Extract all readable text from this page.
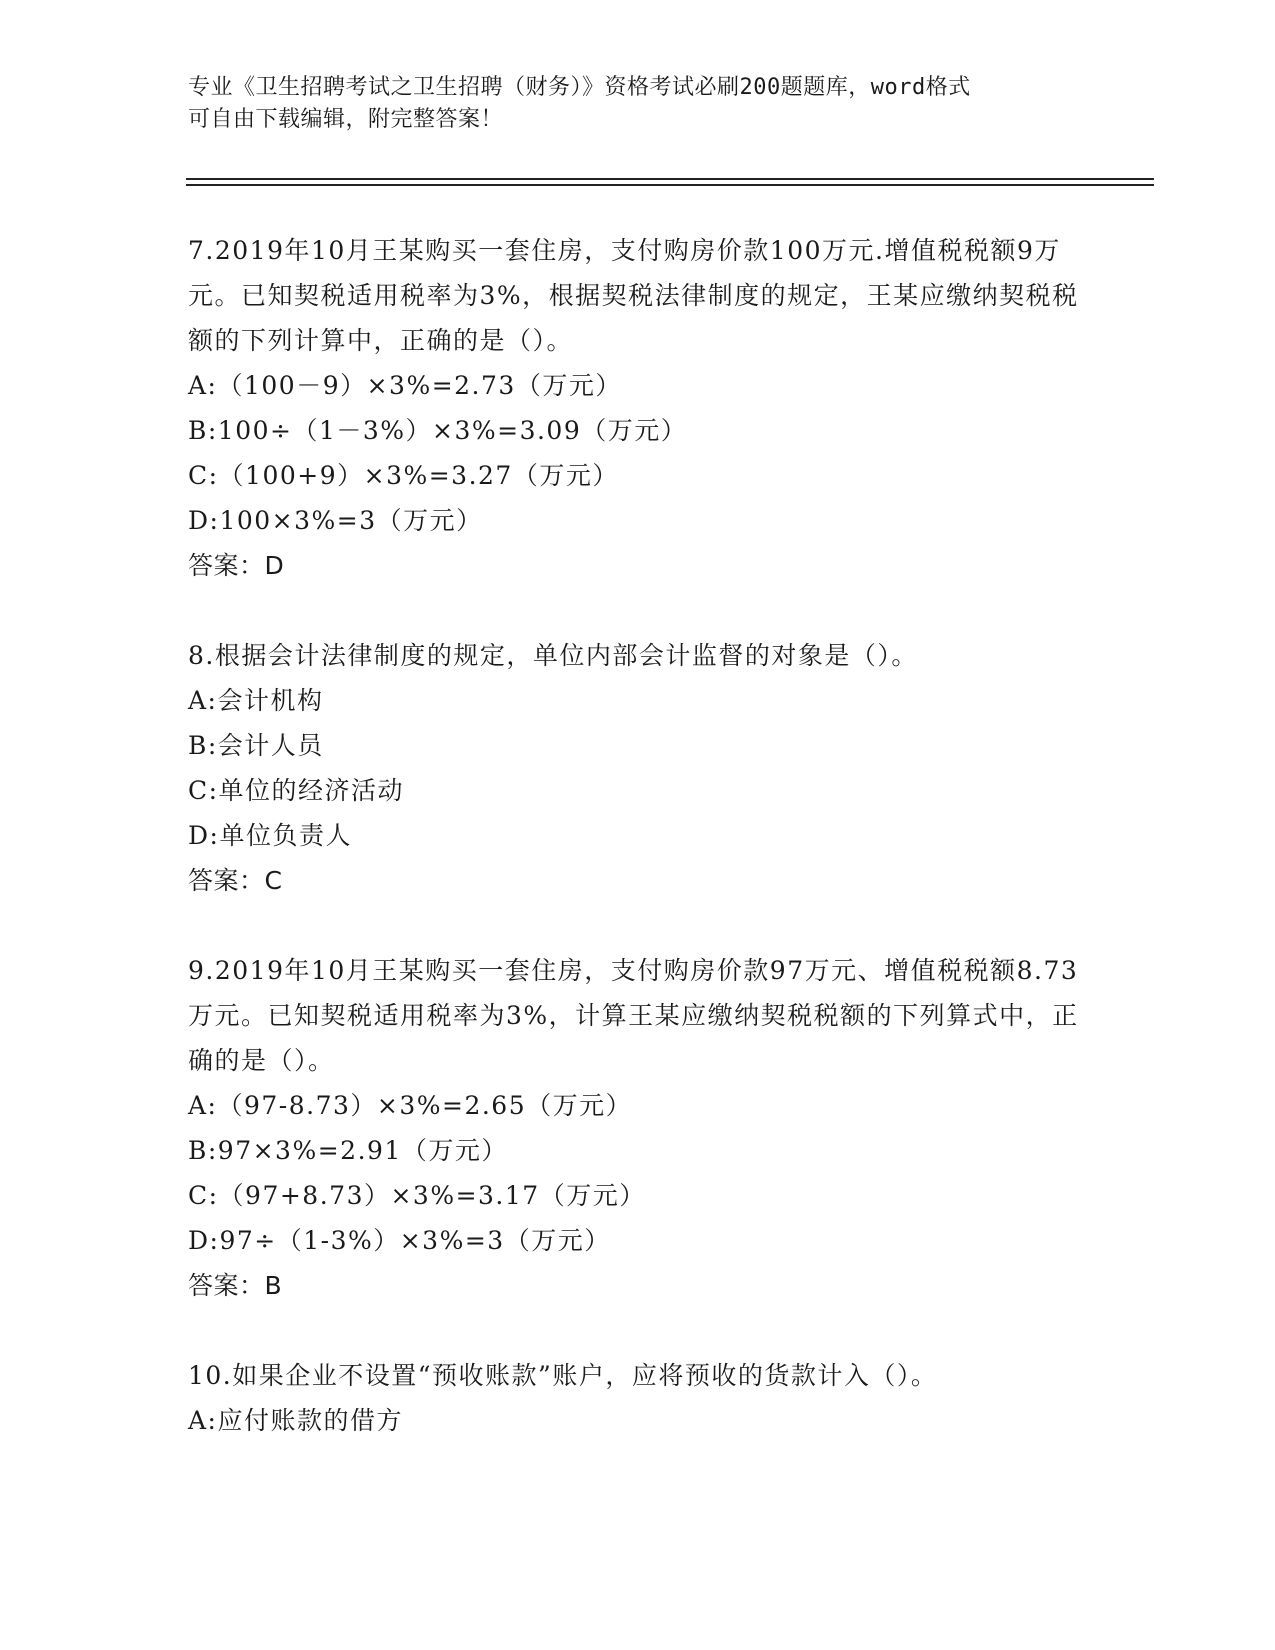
专业《卫生招聘考试之卫生招聘（财务）》资格考试必刷200题题库，word格式
可自由下载编辑，附完整答案！
7.2019年10月王某购买一套住房，支付购房价款100万元.增值税税额9万元。已知契税适用税率为3%，根据契税法律制度的规定，王某应缴纳契税税额的下列计算中，正确的是（）。
A:（100－9）×3%=2.73（万元）
B:100÷（1－3%）×3%=3.09（万元）
C:（100+9）×3%=3.27（万元）
D:100×3%=3（万元）
答案：D
8.根据会计法律制度的规定，单位内部会计监督的对象是（）。
A:会计机构
B:会计人员
C:单位的经济活动
D:单位负责人
答案：C
9.2019年10月王某购买一套住房，支付购房价款97万元、增值税税额8.73万元。已知契税适用税率为3%，计算王某应缴纳契税税额的下列算式中，正确的是（）。
A:（97-8.73）×3%=2.65（万元）
B:97×3%=2.91（万元）
C:（97+8.73）×3%=3.17（万元）
D:97÷（1-3%）×3%=3（万元）
答案：B
10.如果企业不设置“预收账款”账户，应将预收的货款计入（）。
A:应付账款的借方
